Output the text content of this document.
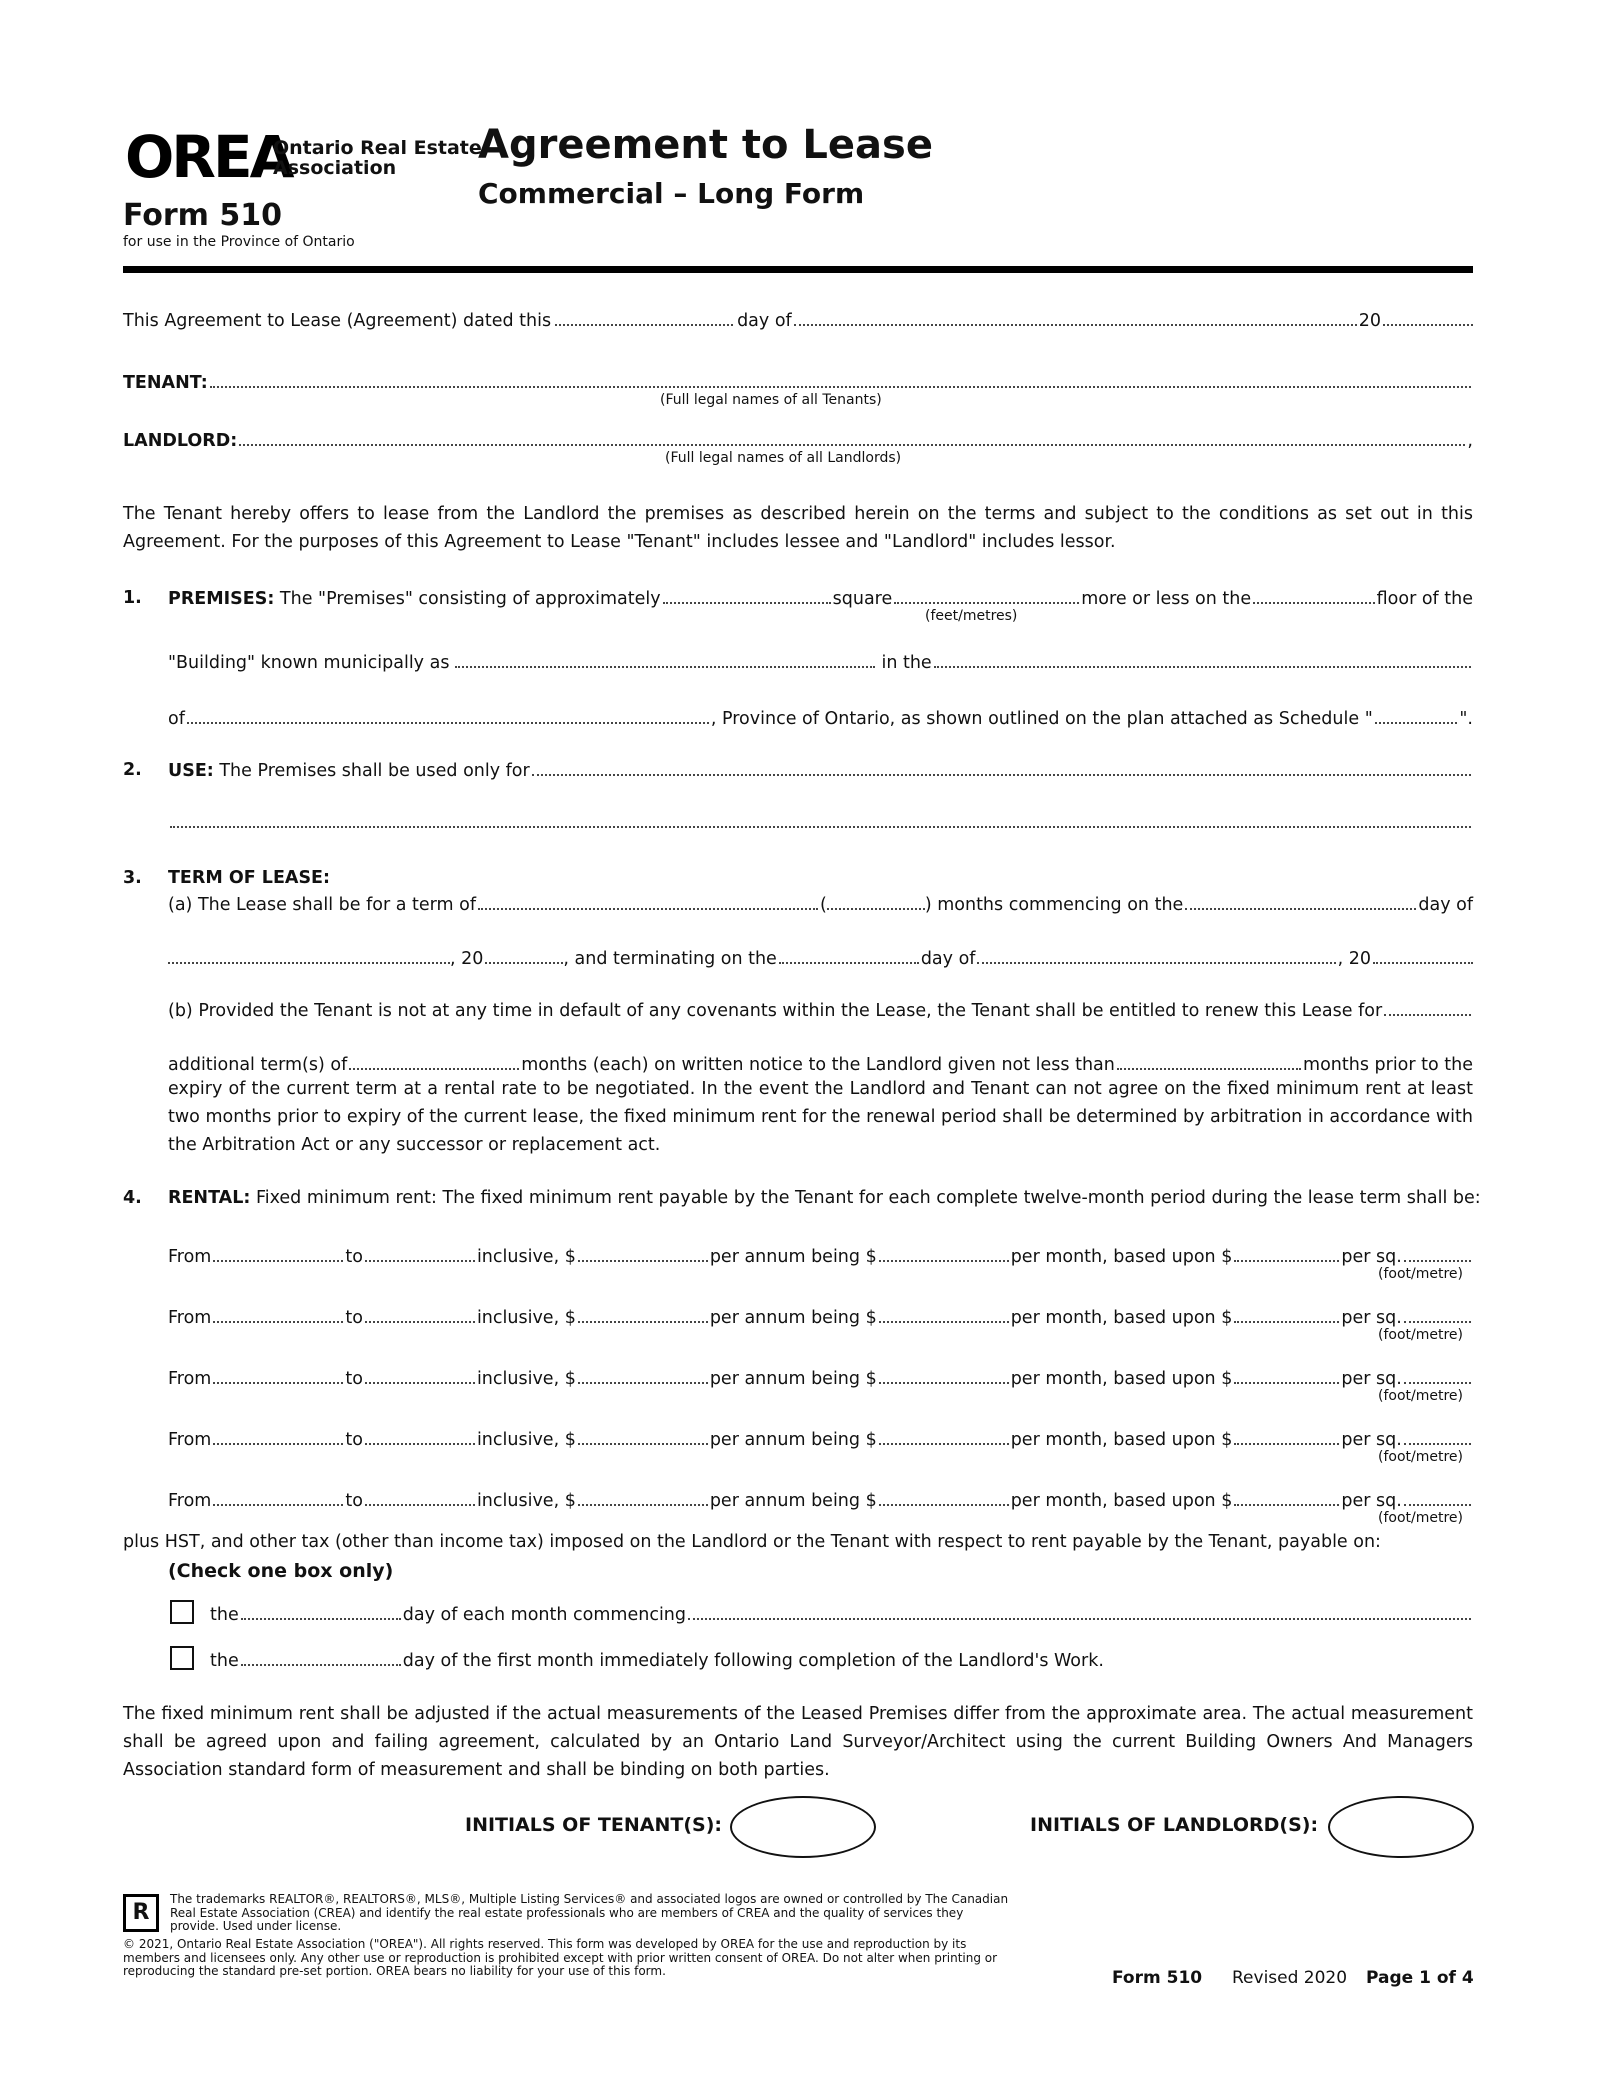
OREA
Ontario Real Estate
Association
Form 510
for use in the Province of Ontario
Agreement to Lease
Commercial – Long Form
This Agreement to Lease (Agreement) dated this	day of	20
TENANT:
(Full legal names of all Tenants)
LANDLORD:	,
(Full legal names of all Landlords)
The Tenant hereby offers to lease from the Landlord the premises as described herein on the terms and subject to the conditions as set out in this Agreement. For the purposes of this Agreement to Lease "Tenant" includes lessee and "Landlord" includes lessor.
1. PREMISES:
The "Premises" consisting of approximately	square	more or less on the	floor of the
(feet/metres)
"Building" known municipally as	in the
of	, Province of Ontario, as shown outlined on the plan attached as Schedule "	".
2. USE:
The Premises shall be used only for
3. TERM OF LEASE:
(a) The Lease shall be for a term of	(	) months commencing on the	day of
, 20	, and terminating on the	day of	, 20
(b) Provided the Tenant is not at any time in default of any covenants within the Lease, the Tenant shall be entitled to renew this Lease for
additional term(s) of	months (each) on written notice to the Landlord given not less than	months prior to the
expiry of the current term at a rental rate to be negotiated. In the event the Landlord and Tenant can not agree on the fixed minimum rent at least two months prior to expiry of the current lease, the fixed minimum rent for the renewal period shall be determined by arbitration in accordance with the Arbitration Act or any successor or replacement act.
4. RENTAL:
Fixed minimum rent: The fixed minimum rent payable by the Tenant for each complete twelve-month period during the lease term shall be:
From	to	inclusive, $	per annum being $	per month, based upon $	per sq.
(foot/metre)
From	to	inclusive, $	per annum being $	per month, based upon $	per sq.
(foot/metre)
From	to	inclusive, $	per annum being $	per month, based upon $	per sq.
(foot/metre)
From	to	inclusive, $	per annum being $	per month, based upon $	per sq.
(foot/metre)
From	to	inclusive, $	per annum being $	per month, based upon $	per sq.
(foot/metre)
plus HST, and other tax (other than income tax) imposed on the Landlord or the Tenant with respect to rent payable by the Tenant, payable on:
(Check one box only)
the	day of each month commencing
the	day of the first month immediately following completion of the Landlord's Work.
The fixed minimum rent shall be adjusted if the actual measurements of the Leased Premises differ from the approximate area. The actual measurement shall be agreed upon and failing agreement, calculated by an Ontario Land Surveyor/Architect using the current Building Owners And Managers Association standard form of measurement and shall be binding on both parties.
INITIALS OF TENANT(S):	INITIALS OF LANDLORD(S):
R
The trademarks REALTOR®, REALTORS®, MLS®, Multiple Listing Services® and associated logos are owned or controlled by The Canadian Real Estate Association (CREA) and identify the real estate professionals who are members of CREA and the quality of services they provide. Used under license.
© 2021, Ontario Real Estate Association ("OREA"). All rights reserved. This form was developed by OREA for the use and reproduction by its members and licensees only. Any other use or reproduction is prohibited except with prior written consent of OREA. Do not alter when printing or reproducing the standard pre-set portion. OREA bears no liability for your use of this form.	Form 510 Revised 2020 Page 1 of 4
